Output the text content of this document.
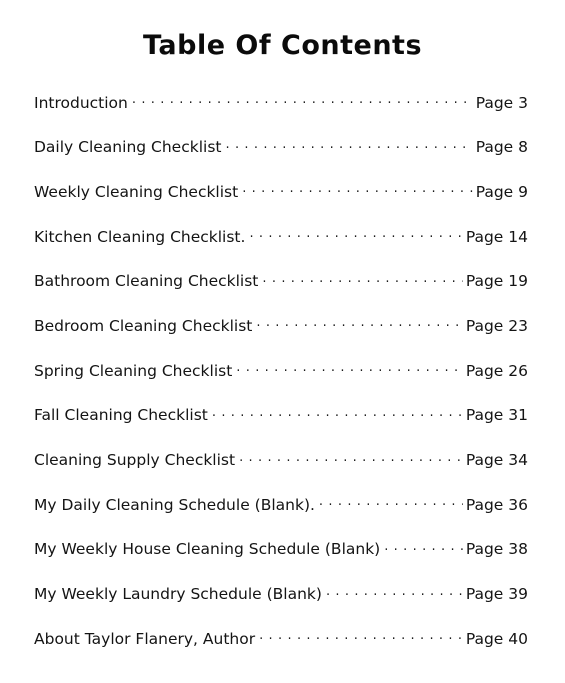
Table Of Contents
Introduction . . .	Page 3
Daily Cleaning Checklist . . .	Page 8
Weekly Cleaning Checklist . . .	Page 9
Kitchen Cleaning Checklist. . . .	Page 14
Bathroom Cleaning Checklist . . .	Page 19
Bedroom Cleaning Checklist . . .	Page 23
Spring Cleaning Checklist . . .	Page 26
Fall Cleaning Checklist . . .	Page 31
Cleaning Supply Checklist . . .	Page 34
My Daily Cleaning Schedule (Blank). . . .	Page 36
My Weekly House Cleaning Schedule (Blank) . . .	Page 38
My Weekly Laundry Schedule (Blank) . . .	Page 39
About Taylor Flanery, Author . . .	Page 40
